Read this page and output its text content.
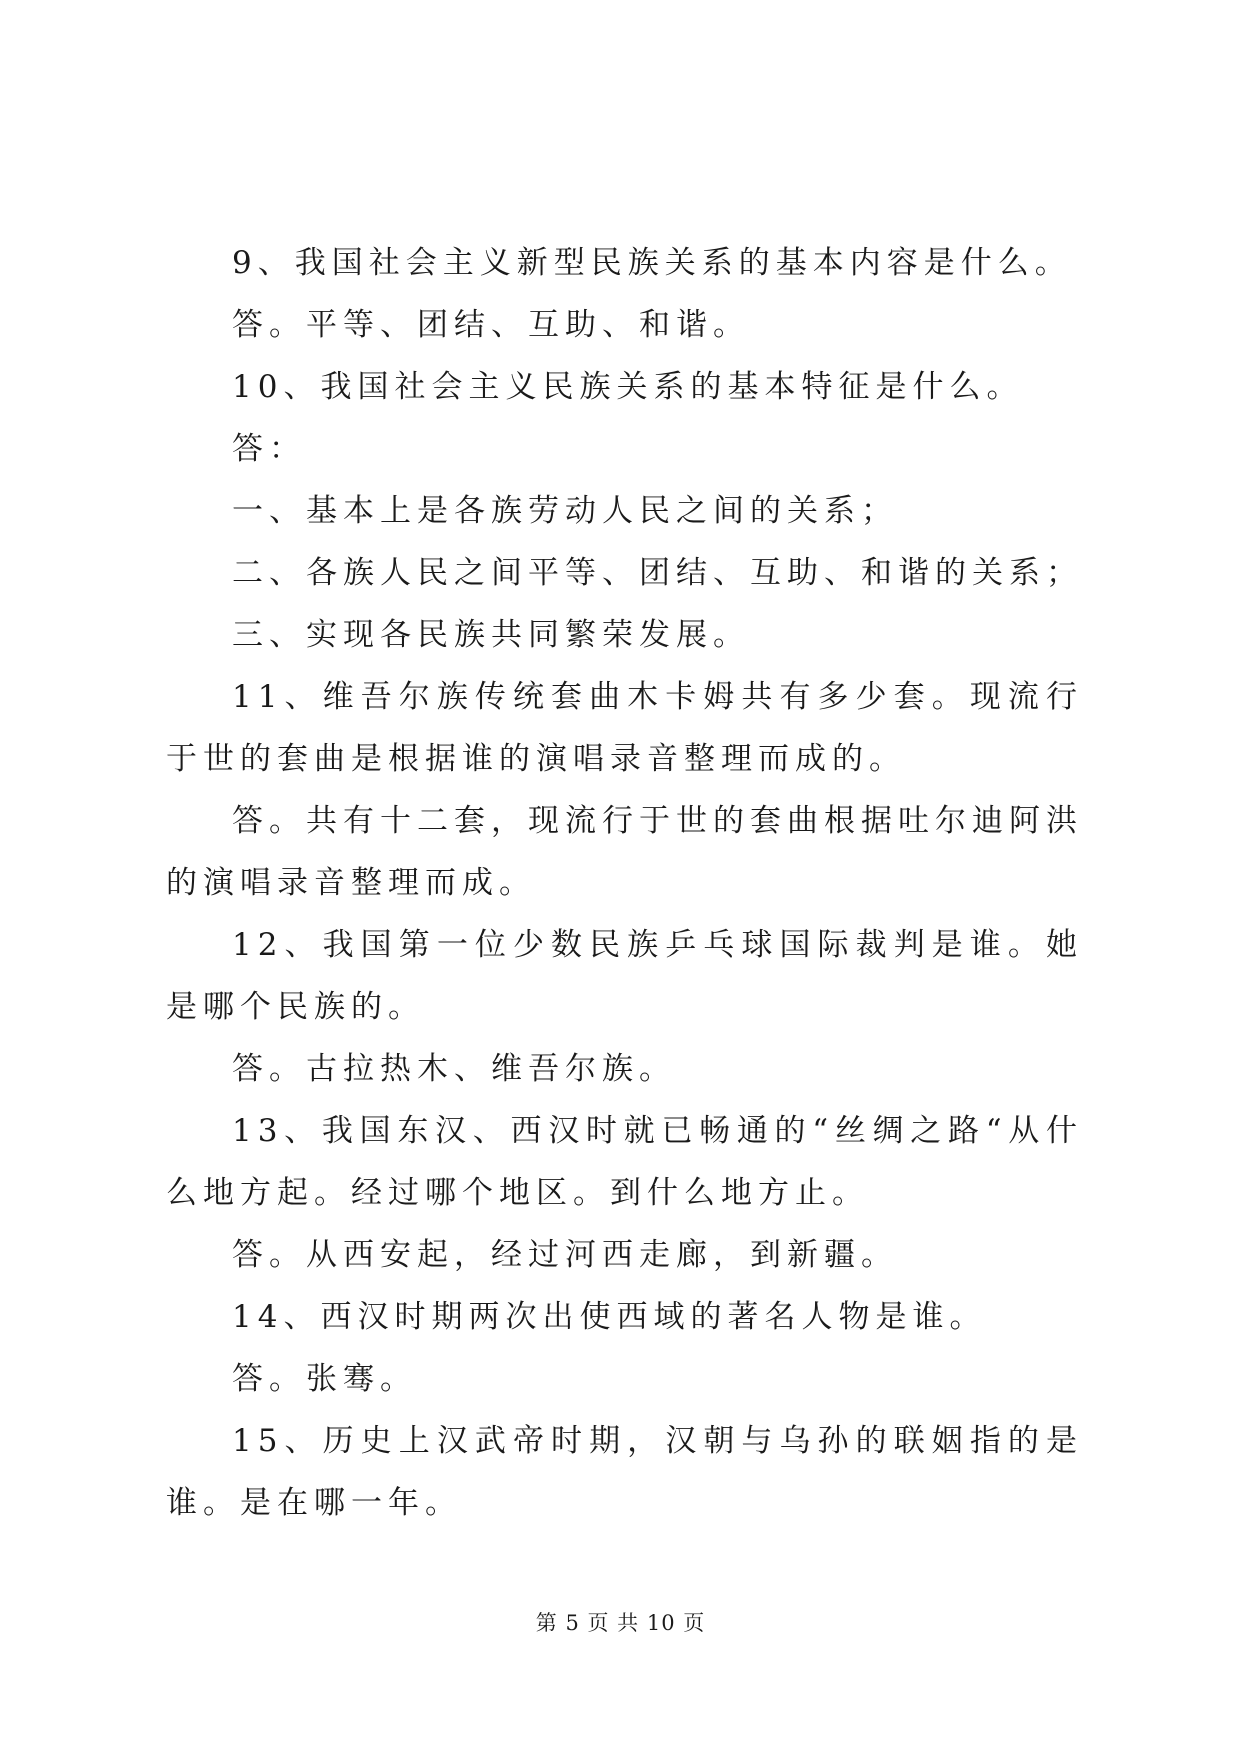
9、我国社会主义新型民族关系的基本内容是什么。

答。平等、团结、互助、和谐。

10、我国社会主义民族关系的基本特征是什么。

答：

一、基本上是各族劳动人民之间的关系；

二、各族人民之间平等、团结、互助、和谐的关系；

三、实现各民族共同繁荣发展。

11、维吾尔族传统套曲木卡姆共有多少套。现流行于世的套曲是根据谁的演唱录音整理而成的。

答。共有十二套，现流行于世的套曲根据吐尔迪阿洪的演唱录音整理而成。

12、我国第一位少数民族乒乓球国际裁判是谁。她是哪个民族的。

答。古拉热木、维吾尔族。

13、我国东汉、西汉时就已畅通的“丝绸之路“从什么地方起。经过哪个地区。到什么地方止。

答。从西安起，经过河西走廊，到新疆。

14、西汉时期两次出使西域的著名人物是谁。

答。张骞。

15、历史上汉武帝时期，汉朝与乌孙的联姻指的是谁。是在哪一年。

第 5 页 共 10 页
